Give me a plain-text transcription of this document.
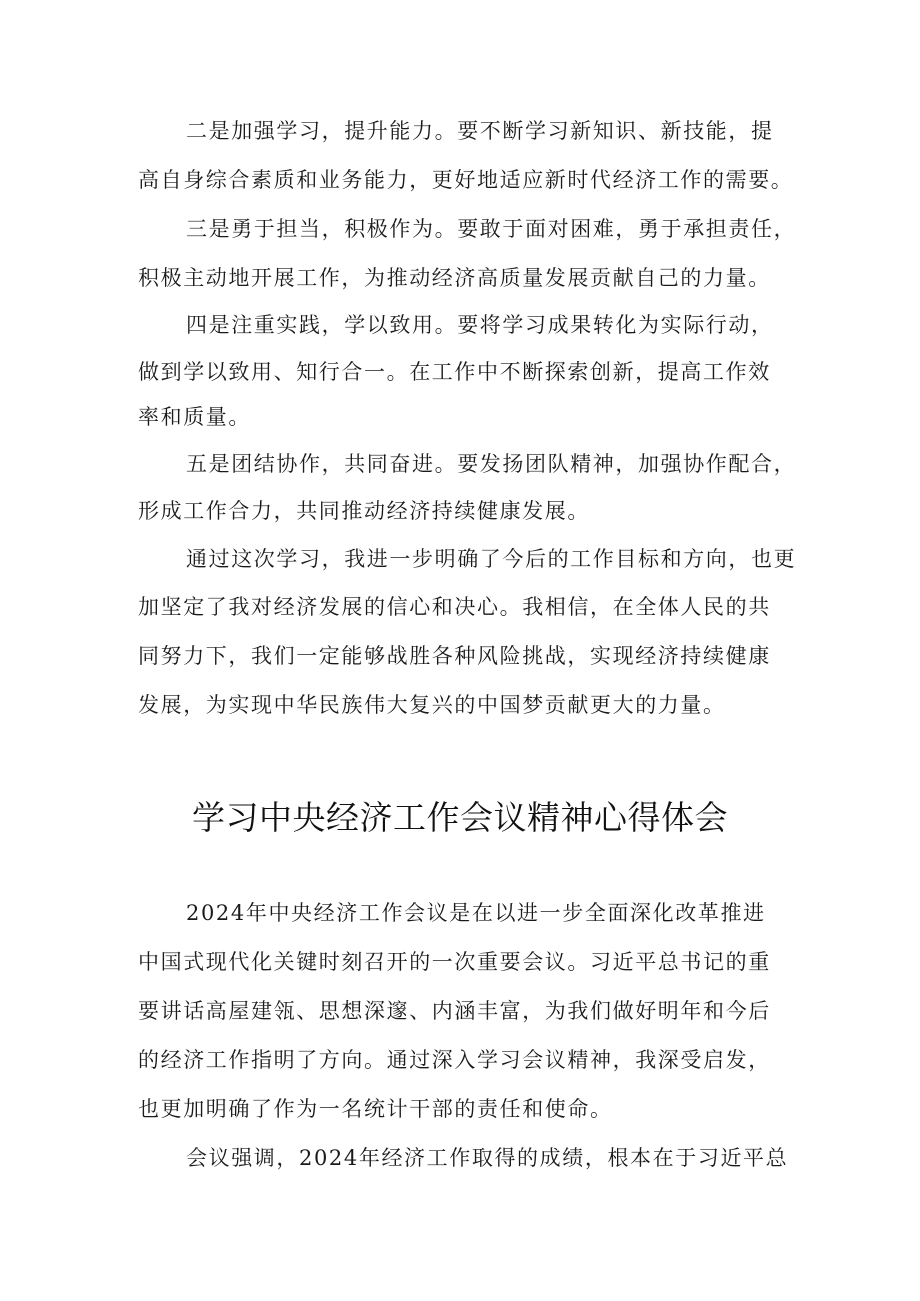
二是加强学习，提升能力。要不断学习新知识、新技能，提
高自身综合素质和业务能力，更好地适应新时代经济工作的需要。
三是勇于担当，积极作为。要敢于面对困难，勇于承担责任，
积极主动地开展工作，为推动经济高质量发展贡献自己的力量。
四是注重实践，学以致用。要将学习成果转化为实际行动，
做到学以致用、知行合一。在工作中不断探索创新，提高工作效
率和质量。
五是团结协作，共同奋进。要发扬团队精神，加强协作配合，
形成工作合力，共同推动经济持续健康发展。
通过这次学习，我进一步明确了今后的工作目标和方向，也更
加坚定了我对经济发展的信心和决心。我相信，在全体人民的共
同努力下，我们一定能够战胜各种风险挑战，实现经济持续健康
发展，为实现中华民族伟大复兴的中国梦贡献更大的力量。
学习中央经济工作会议精神心得体会
2024年中央经济工作会议是在以进一步全面深化改革推进
中国式现代化关键时刻召开的一次重要会议。习近平总书记的重
要讲话高屋建瓴、思想深邃、内涵丰富，为我们做好明年和今后
的经济工作指明了方向。通过深入学习会议精神，我深受启发，
也更加明确了作为一名统计干部的责任和使命。
会议强调，2024年经济工作取得的成绩，根本在于习近平总
